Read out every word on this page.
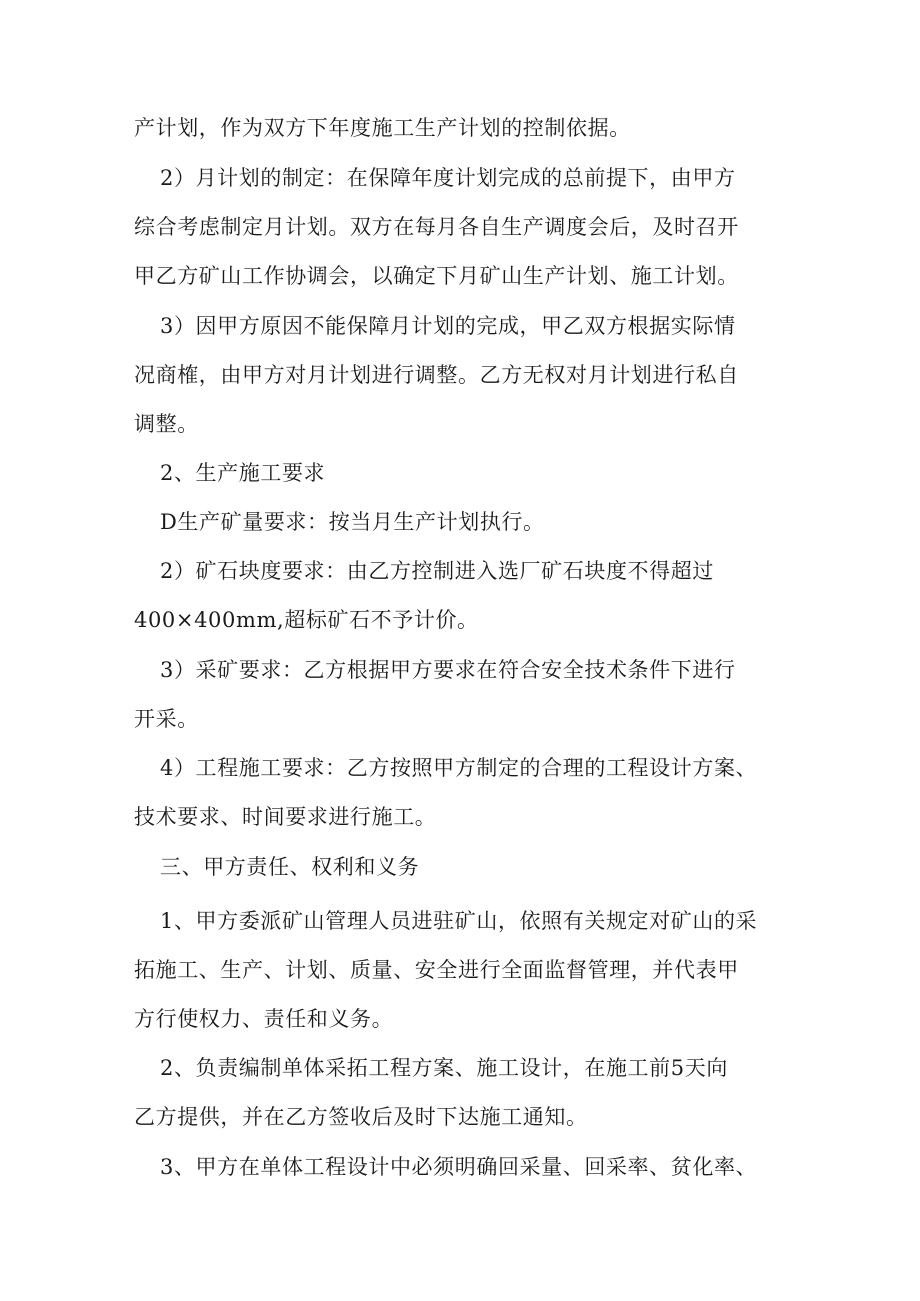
产计划，作为双方下年度施工生产计划的控制依据。
2）月计划的制定：在保障年度计划完成的总前提下，由甲方
综合考虑制定月计划。双方在每月各自生产调度会后，及时召开
甲乙方矿山工作协调会，以确定下月矿山生产计划、施工计划。
3）因甲方原因不能保障月计划的完成，甲乙双方根据实际情
况商榷，由甲方对月计划进行调整。乙方无权对月计划进行私自
调整。
2、生产施工要求
D生产矿量要求：按当月生产计划执行。
2）矿石块度要求：由乙方控制进入选厂矿石块度不得超过
400×400mm,超标矿石不予计价。
3）采矿要求：乙方根据甲方要求在符合安全技术条件下进行
开采。
4）工程施工要求：乙方按照甲方制定的合理的工程设计方案、
技术要求、时间要求进行施工。
三、甲方责任、权利和义务
1、甲方委派矿山管理人员进驻矿山，依照有关规定对矿山的采
拓施工、生产、计划、质量、安全进行全面监督管理，并代表甲
方行使权力、责任和义务。
2、负责编制单体采拓工程方案、施工设计，在施工前5天向
乙方提供，并在乙方签收后及时下达施工通知。
3、甲方在单体工程设计中必须明确回采量、回采率、贫化率、
